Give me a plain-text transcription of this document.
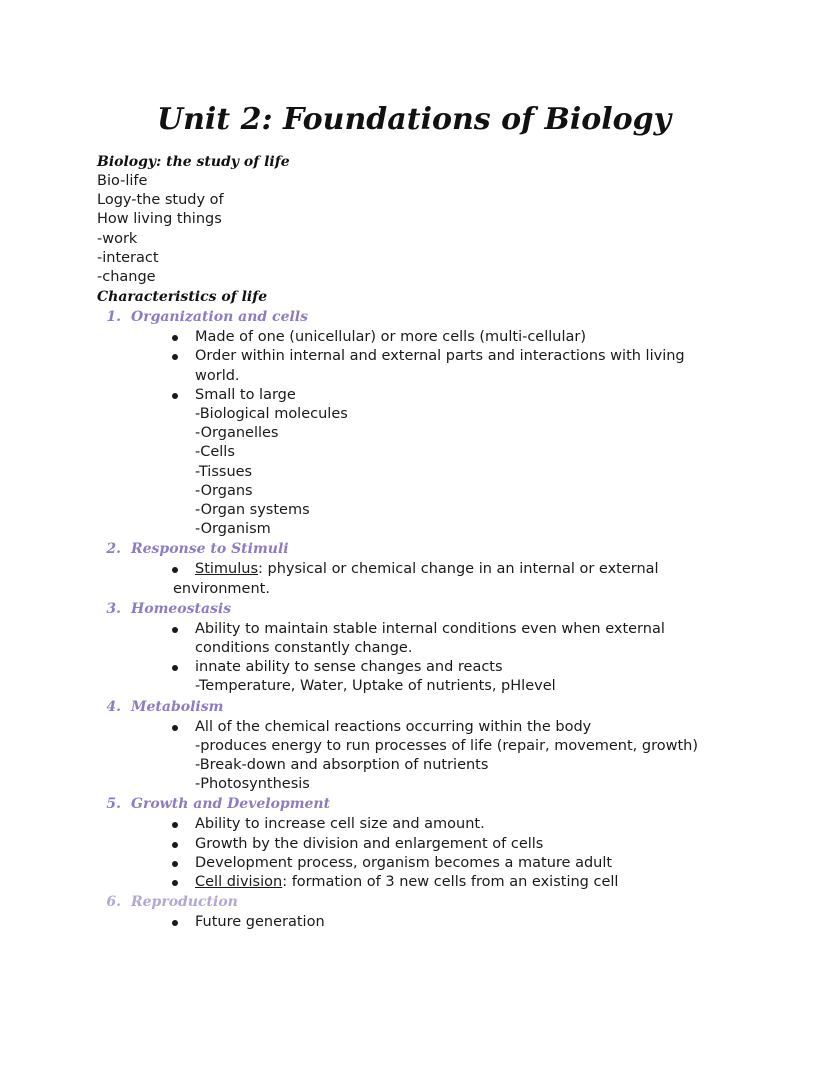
Unit 2: Foundations of Biology

Biology: the study of life

Bio-life

Logy-the study of

How living things

-work

-interact

-change

Characteristics of life

1. Organization and cells

Made of one (unicellular) or more cells (multi-cellular)
Order within internal and external parts and interactions with living
world.
Small to large
-Biological molecules
-Organelles
-Cells
-Tissues
-Organs
-Organ systems
-Organism

2. Response to Stimuli

Stimulus: physical or chemical change in an internal or external
environment.

3. Homeostasis

Ability to maintain stable internal conditions even when external
conditions constantly change.
innate ability to sense changes and reacts
-Temperature, Water, Uptake of nutrients, pHlevel

4. Metabolism

All of the chemical reactions occurring within the body
-produces energy to run processes of life (repair, movement, growth)
-Break-down and absorption of nutrients
-Photosynthesis

5. Growth and Development

Ability to increase cell size and amount.
Growth by the division and enlargement of cells
Development process, organism becomes a mature adult
Cell division: formation of 3 new cells from an existing cell

6. Reproduction

Future generation
